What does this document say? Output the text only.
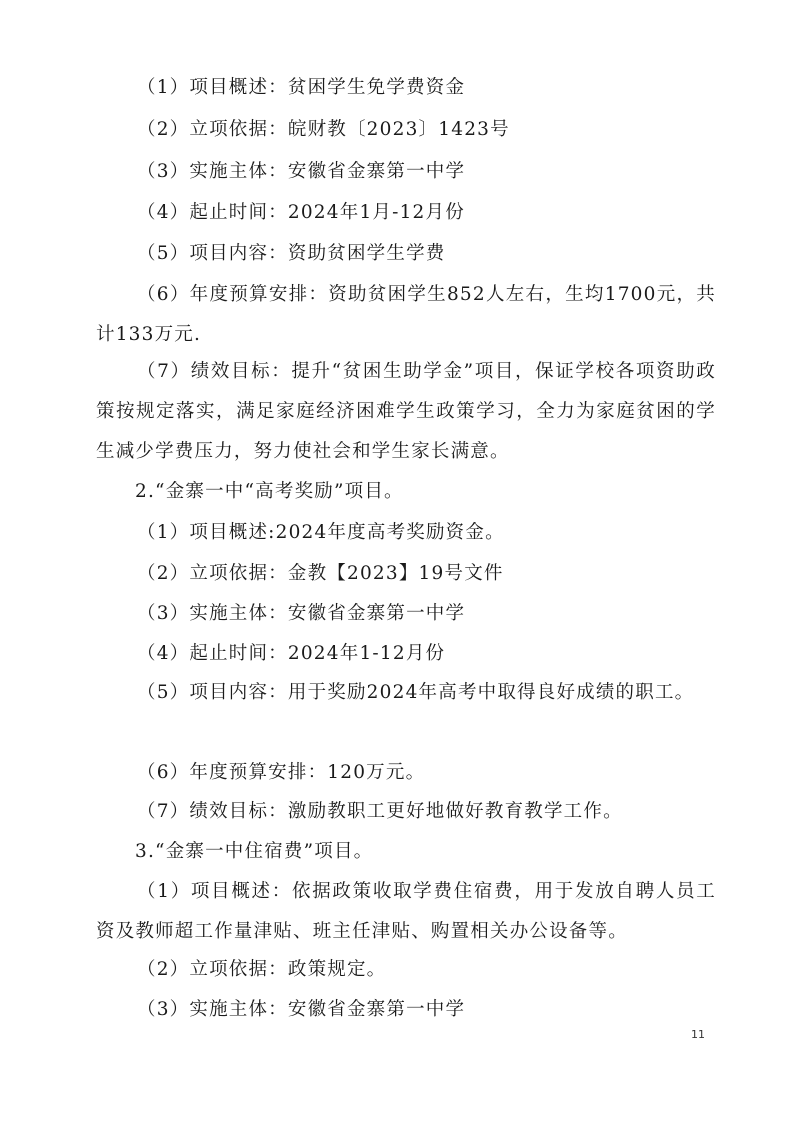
（1）项目概述：贫困学生免学费资金
（2）立项依据：皖财教〔2023〕1423号
（3）实施主体：安徽省金寨第一中学
（4）起止时间：2024年1月-12月份
（5）项目内容：资助贫困学生学费
（6）年度预算安排：资助贫困学生852人左右，生均1700元，共计133万元.
（7）绩效目标：提升“贫困生助学金”项目，保证学校各项资助政策按规定落实，满足家庭经济困难学生政策学习，全力为家庭贫困的学生减少学费压力，努力使社会和学生家长满意。
2.“金寨一中“高考奖励”项目。
（1）项目概述:2024年度高考奖励资金。
（2）立项依据：金教【2023】19号文件
（3）实施主体：安徽省金寨第一中学
（4）起止时间：2024年1-12月份
（5）项目内容：用于奖励2024年高考中取得良好成绩的职工。
（6）年度预算安排：120万元。
（7）绩效目标：激励教职工更好地做好教育教学工作。
3.“金寨一中住宿费”项目。
（1）项目概述：依据政策收取学费住宿费，用于发放自聘人员工资及教师超工作量津贴、班主任津贴、购置相关办公设备等。
（2）立项依据：政策规定。
（3）实施主体：安徽省金寨第一中学
11
